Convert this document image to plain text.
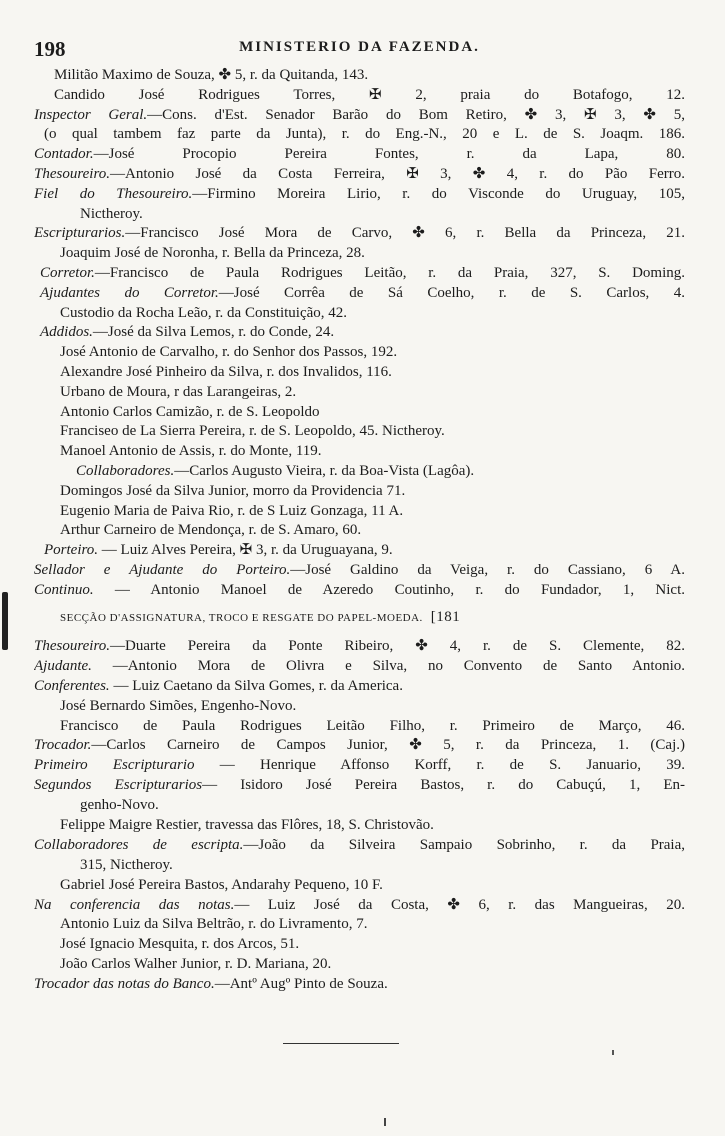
198	MINISTERIO DA FAZENDA.
Militão Maximo de Souza, ✤ 5, r. da Quitanda, 143.
Candido José Rodrigues Torres, ✠ 2, praia do Botafogo, 12.
Inspector Geral.—Cons. d'Est. Senador Barão do Bom Retiro, ✤ 3, ✠ 3, ✤ 5,
(o qual tambem faz parte da Junta), r. do Eng.-N., 20 e L. de S. Joaqm. 186.
Contador.—José Procopio Pereira Fontes, r. da Lapa, 80.
Thesoureiro.—Antonio José da Costa Ferreira, ✠ 3, ✤ 4, r. do Pão Ferro.
Fiel do Thesoureiro.—Firmino Moreira Lirio, r. do Visconde do Uruguay, 105,
Nictheroy.
Escripturarios.—Francisco José Mora de Carvo, ✤ 6, r. Bella da Princeza, 21.
Joaquim José de Noronha, r. Bella da Princeza, 28.
Corretor.—Francisco de Paula Rodrigues Leitão, r. da Praia, 327, S. Doming.
Ajudantes do Corretor.—José Corrêa de Sá Coelho, r. de S. Carlos, 4.
Custodio da Rocha Leão, r. da Constituição, 42.
Addidos.—José da Silva Lemos, r. do Conde, 24.
José Antonio de Carvalho, r. do Senhor dos Passos, 192.
Alexandre José Pinheiro da Silva, r. dos Invalidos, 116.
Urbano de Moura, r das Larangeiras, 2.
Antonio Carlos Camizão, r. de S. Leopoldo
Franciseo de La Sierra Pereira, r. de S. Leopoldo, 45. Nictheroy.
Manoel Antonio de Assis, r. do Monte, 119.
Collaboradores.—Carlos Augusto Vieira, r. da Boa-Vista (Lagôa).
Domingos José da Silva Junior, morro da Providencia 71.
Eugenio Maria de Paiva Rio, r. de S Luiz Gonzaga, 11 A.
Arthur Carneiro de Mendonça, r. de S. Amaro, 60.
Porteiro. — Luiz Alves Pereira, ✠ 3, r. da Uruguayana, 9.
Sellador e Ajudante do Porteiro.—José Galdino da Veiga, r. do Cassiano, 6 A.
Continuo. — Antonio Manoel de Azeredo Coutinho, r. do Fundador, 1, Nict.
SECÇÃO D'ASSIGNATURA, TROCO E RESGATE DO PAPEL-MOEDA. [181
Thesoureiro.—Duarte Pereira da Ponte Ribeiro, ✤ 4, r. de S. Clemente, 82.
Ajudante. —Antonio Mora de Olivra e Silva, no Convento de Santo Antonio.
Conferentes. — Luiz Caetano da Silva Gomes, r. da America.
José Bernardo Simões, Engenho-Novo.
Francisco de Paula Rodrigues Leitão Filho, r. Primeiro de Março, 46.
Trocador.—Carlos Carneiro de Campos Junior, ✤ 5, r. da Princeza, 1. (Caj.)
Primeiro Escripturario — Henrique Affonso Korff, r. de S. Januario, 39.
Segundos Escripturarios— Isidoro José Pereira Bastos, r. do Cabuçú, 1, En-
genho-Novo.
Felippe Maigre Restier, travessa das Flôres, 18, S. Christovão.
Collaboradores de escripta.—João da Silveira Sampaio Sobrinho, r. da Praia,
315, Nictheroy.
Gabriel José Pereira Bastos, Andarahy Pequeno, 10 F.
Na conferencia das notas.— Luiz José da Costa, ✤ 6, r. das Mangueiras, 20.
Antonio Luiz da Silva Beltrão, r. do Livramento, 7.
José Ignacio Mesquita, r. dos Arcos, 51.
João Carlos Walher Junior, r. D. Mariana, 20.
Trocador das notas do Banco.—Antº Augº Pinto de Souza.
